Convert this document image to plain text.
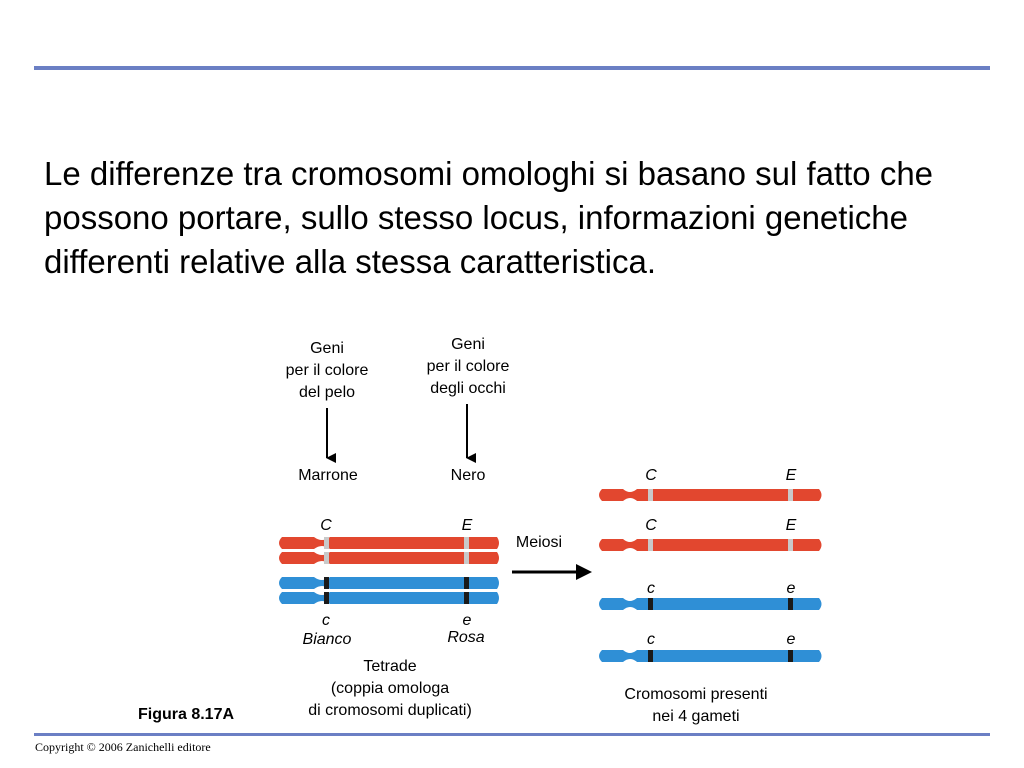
Le differenze tra cromosomi omologhi si basano sul fatto che possono portare, sullo stesso locus, informazioni genetiche differenti relative alla stessa caratteristica.

Geni
per il colore
del pelo
Geni
per il colore
degli occhi
Marrone	Nero
C	E
c	e
Bianco	Rosa
Tetrade
(coppia omologa
di cromosomi duplicati)
Meiosi
C	E
C	E
c	e
c	e
Cromosomi presenti
nei 4 gameti
Figura 8.17A
Copyright © 2006 Zanichelli editore
